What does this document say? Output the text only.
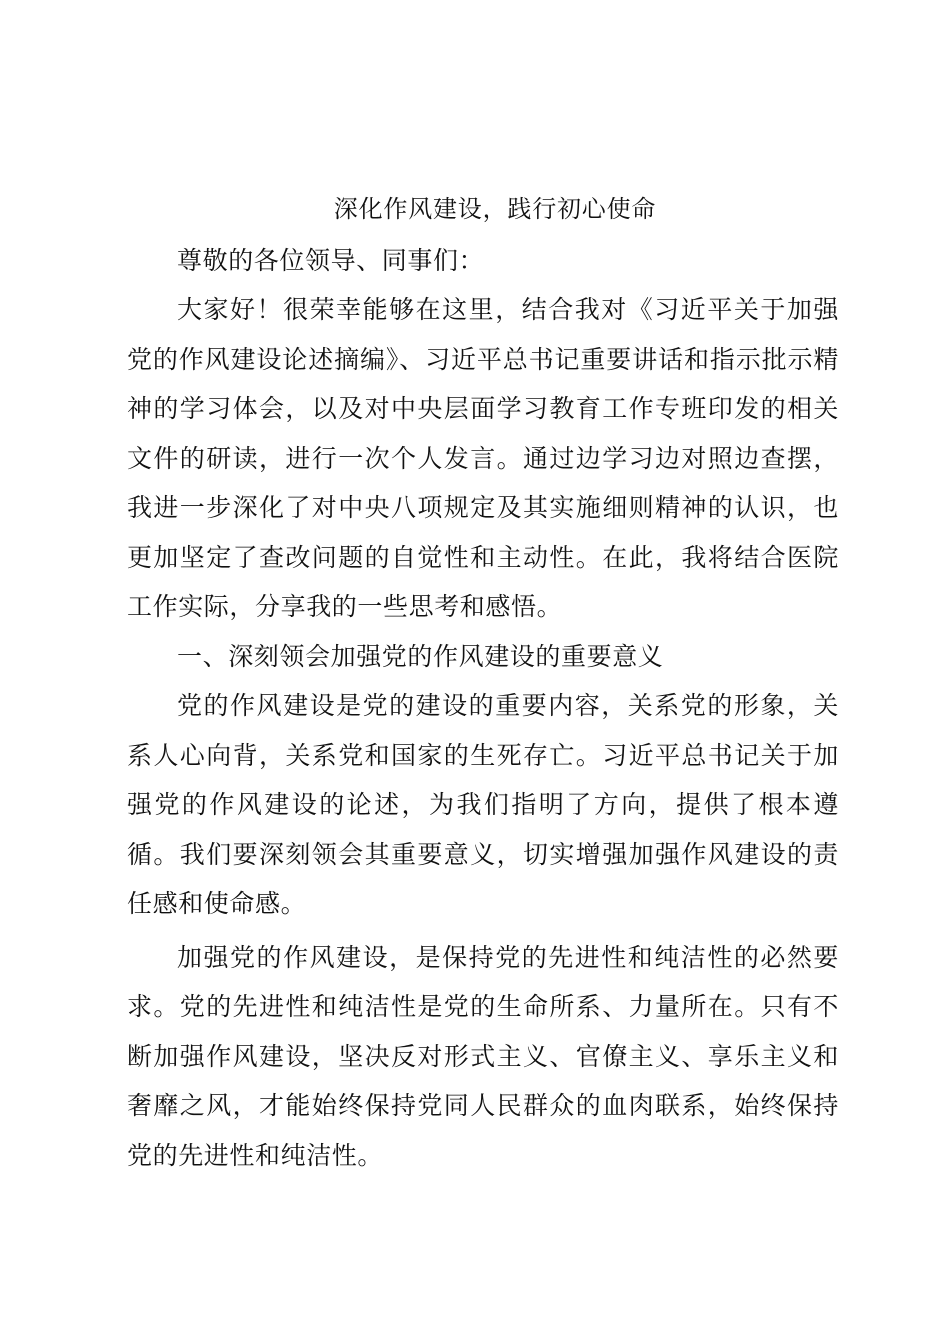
深化作风建设，践行初心使命

尊敬的各位领导、同事们：

大家好！很荣幸能够在这里，结合我对《习近平关于加强党的作风建设论述摘编》、习近平总书记重要讲话和指示批示精神的学习体会，以及对中央层面学习教育工作专班印发的相关文件的研读，进行一次个人发言。通过边学习边对照边查摆，我进一步深化了对中央八项规定及其实施细则精神的认识，也更加坚定了查改问题的自觉性和主动性。在此，我将结合医院工作实际，分享我的一些思考和感悟。

一、深刻领会加强党的作风建设的重要意义

党的作风建设是党的建设的重要内容，关系党的形象，关系人心向背，关系党和国家的生死存亡。习近平总书记关于加强党的作风建设的论述，为我们指明了方向，提供了根本遵循。我们要深刻领会其重要意义，切实增强加强作风建设的责任感和使命感。

加强党的作风建设，是保持党的先进性和纯洁性的必然要求。党的先进性和纯洁性是党的生命所系、力量所在。只有不断加强作风建设，坚决反对形式主义、官僚主义、享乐主义和奢靡之风，才能始终保持党同人民群众的血肉联系，始终保持党的先进性和纯洁性。
